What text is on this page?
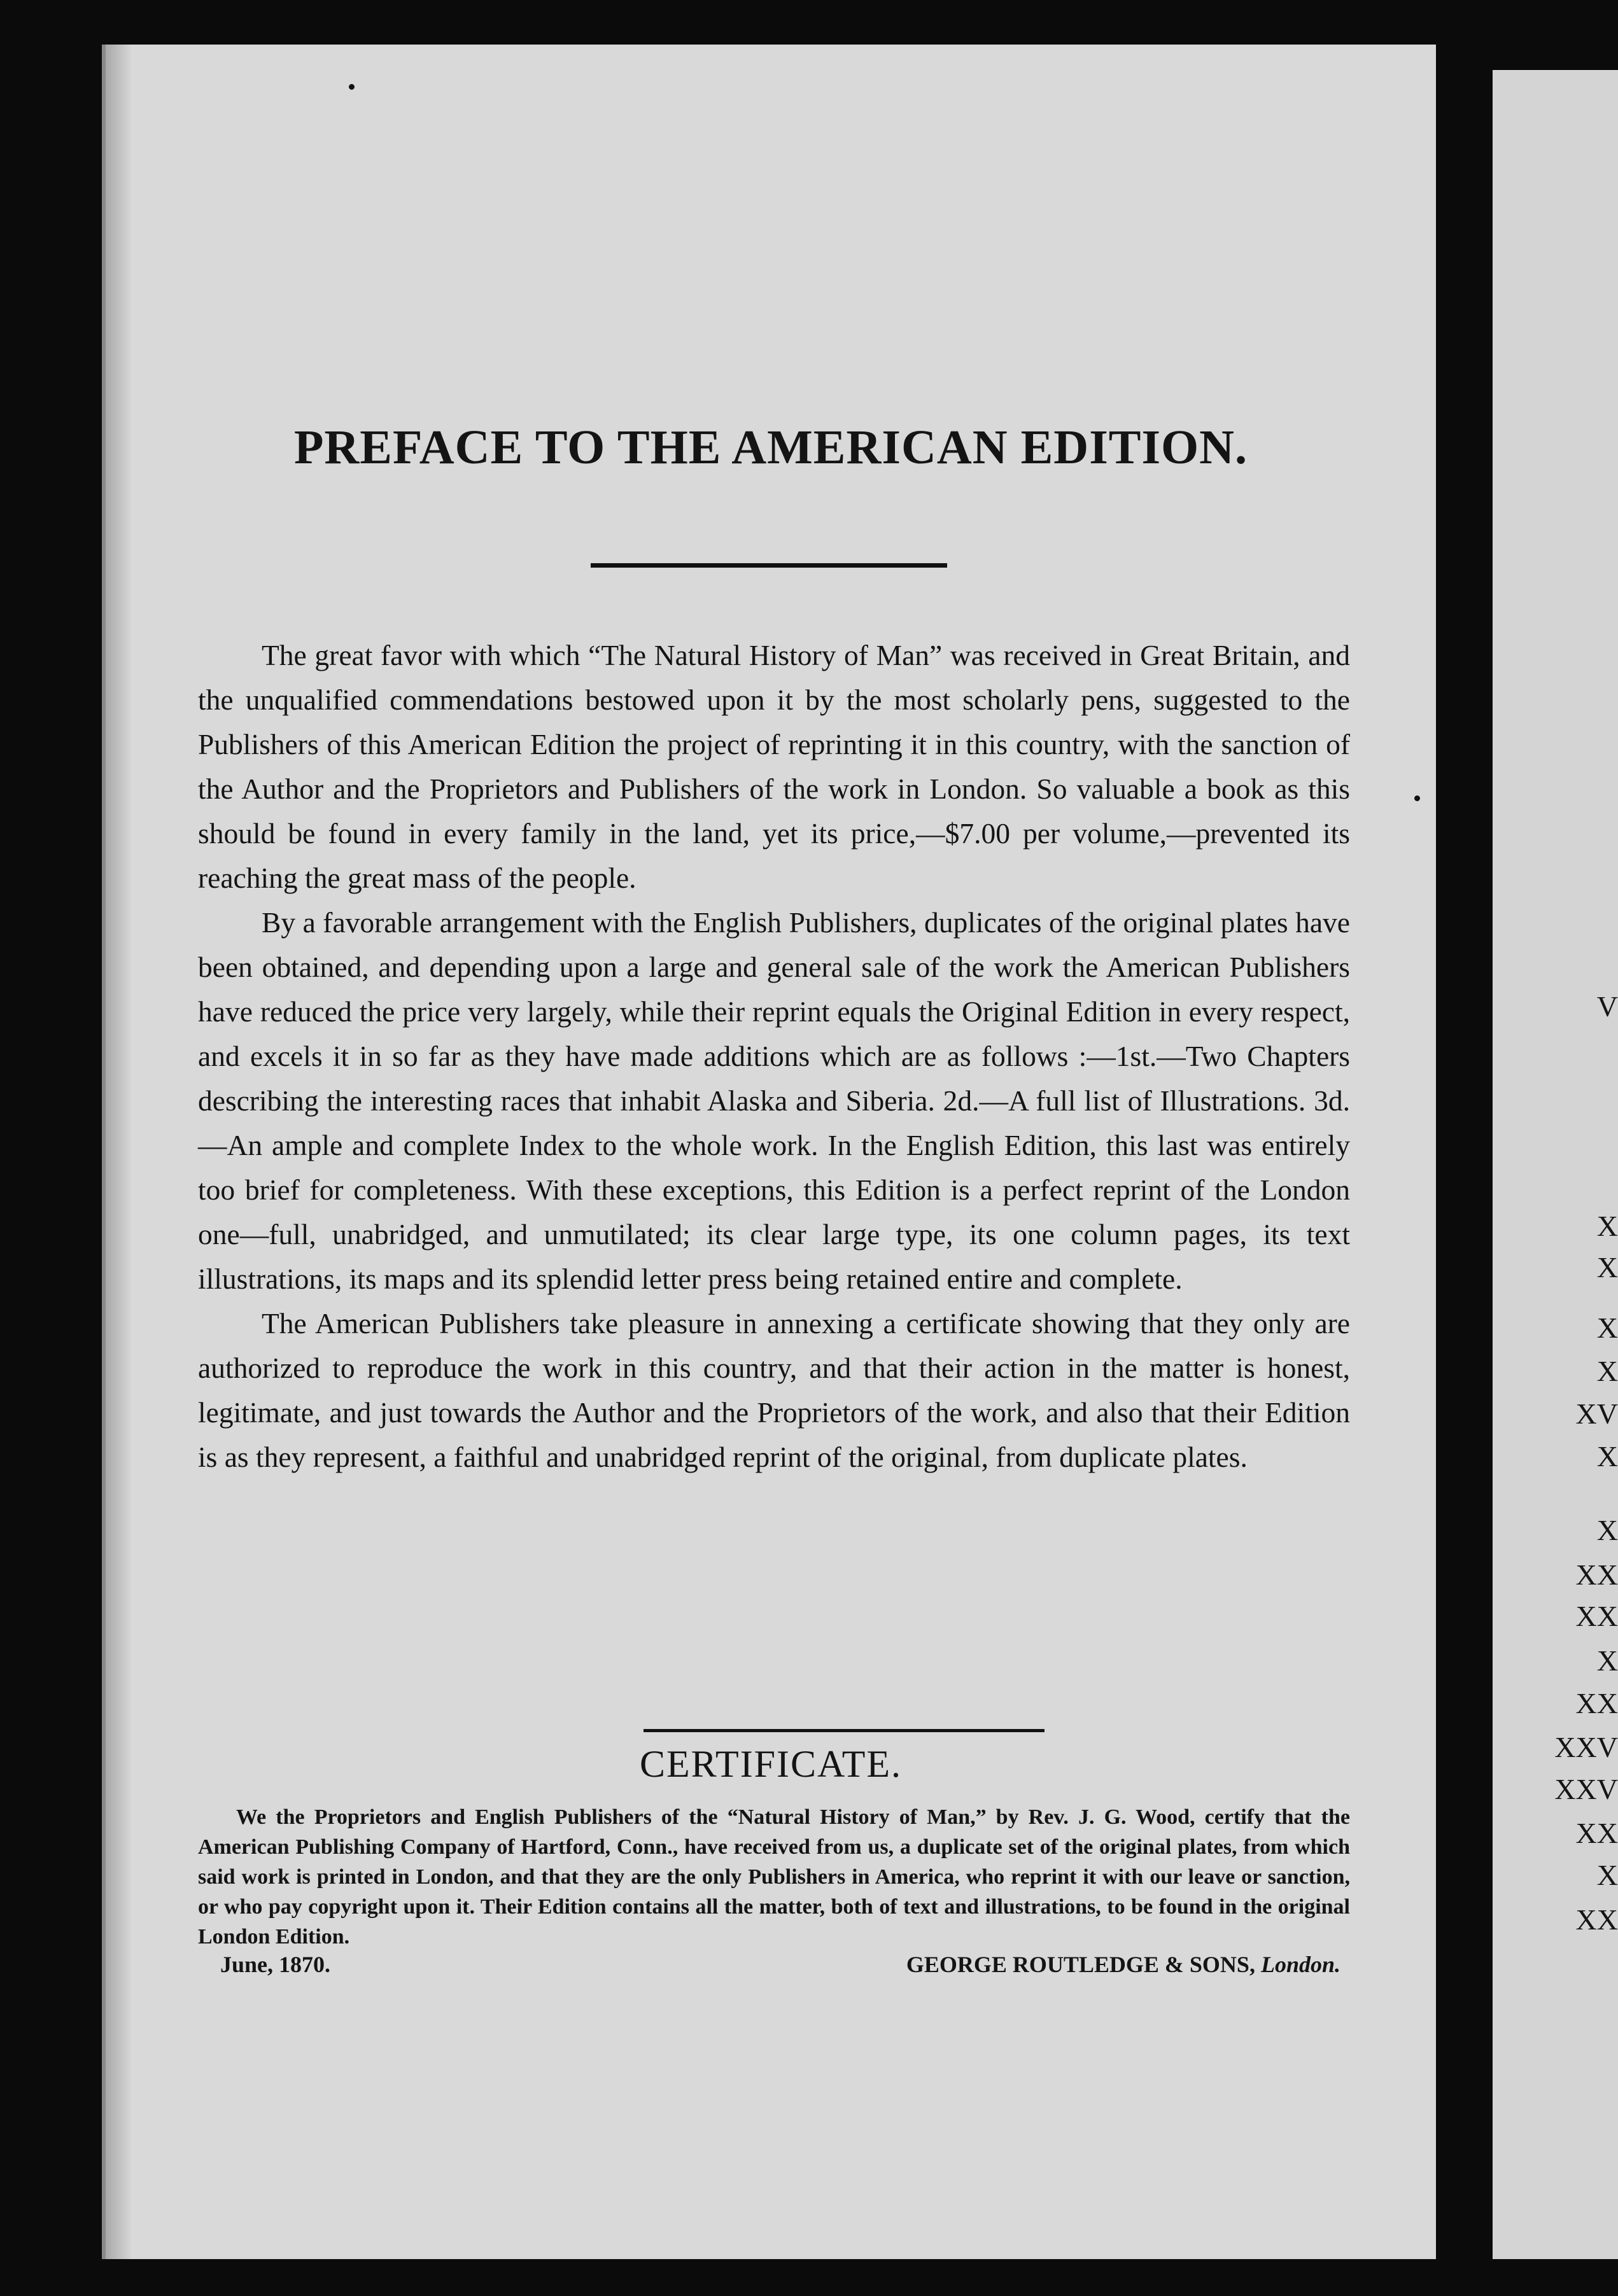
PREFACE TO THE AMERICAN EDITION.

The great favor with which “The Natural History of Man” was received in Great Britain, and the unqualified commendations bestowed upon it by the most scholarly pens, suggested to the Publishers of this American Edition the project of reprinting it in this country, with the sanction of the Author and the Proprietors and Publishers of the work in London. So valuable a book as this should be found in every family in the land, yet its price,—$7.00 per volume,—prevented its reaching the great mass of the people.

By a favorable arrangement with the English Publishers, duplicates of the original plates have been obtained, and depending upon a large and general sale of the work the American Publishers have reduced the price very largely, while their reprint equals the Original Edition in every respect, and excels it in so far as they have made additions which are as follows :—1st.—Two Chapters describing the interesting races that inhabit Alaska and Siberia. 2d.—A full list of Illustrations. 3d.—An ample and complete Index to the whole work. In the English Edition, this last was entirely too brief for completeness. With these exceptions, this Edition is a perfect reprint of the London one—full, unabridged, and unmutilated; its clear large type, its one column pages, its text illustrations, its maps and its splendid letter press being retained entire and complete.

The American Publishers take pleasure in annexing a certificate showing that they only are authorized to reproduce the work in this country, and that their action in the matter is honest, legitimate, and just towards the Author and the Proprietors of the work, and also that their Edition is as they represent, a faithful and unabridged reprint of the original, from duplicate plates.

CERTIFICATE.

We the Proprietors and English Publishers of the “Natural History of Man,” by Rev. J. G. Wood, certify that the American Publishing Company of Hartford, Conn., have received from us, a duplicate set of the original plates, from which said work is printed in London, and that they are the only Publishers in America, who reprint it with our leave or sanction, or who pay copyright upon it. Their Edition contains all the matter, both of text and illustrations, to be found in the original London Edition.

June, 1870.	GEORGE ROUTLEDGE & SONS, London.
V
X
X
X
X
XV
X
X
XX
XX
X
XX
XXV
XXV
XX
X
XX
